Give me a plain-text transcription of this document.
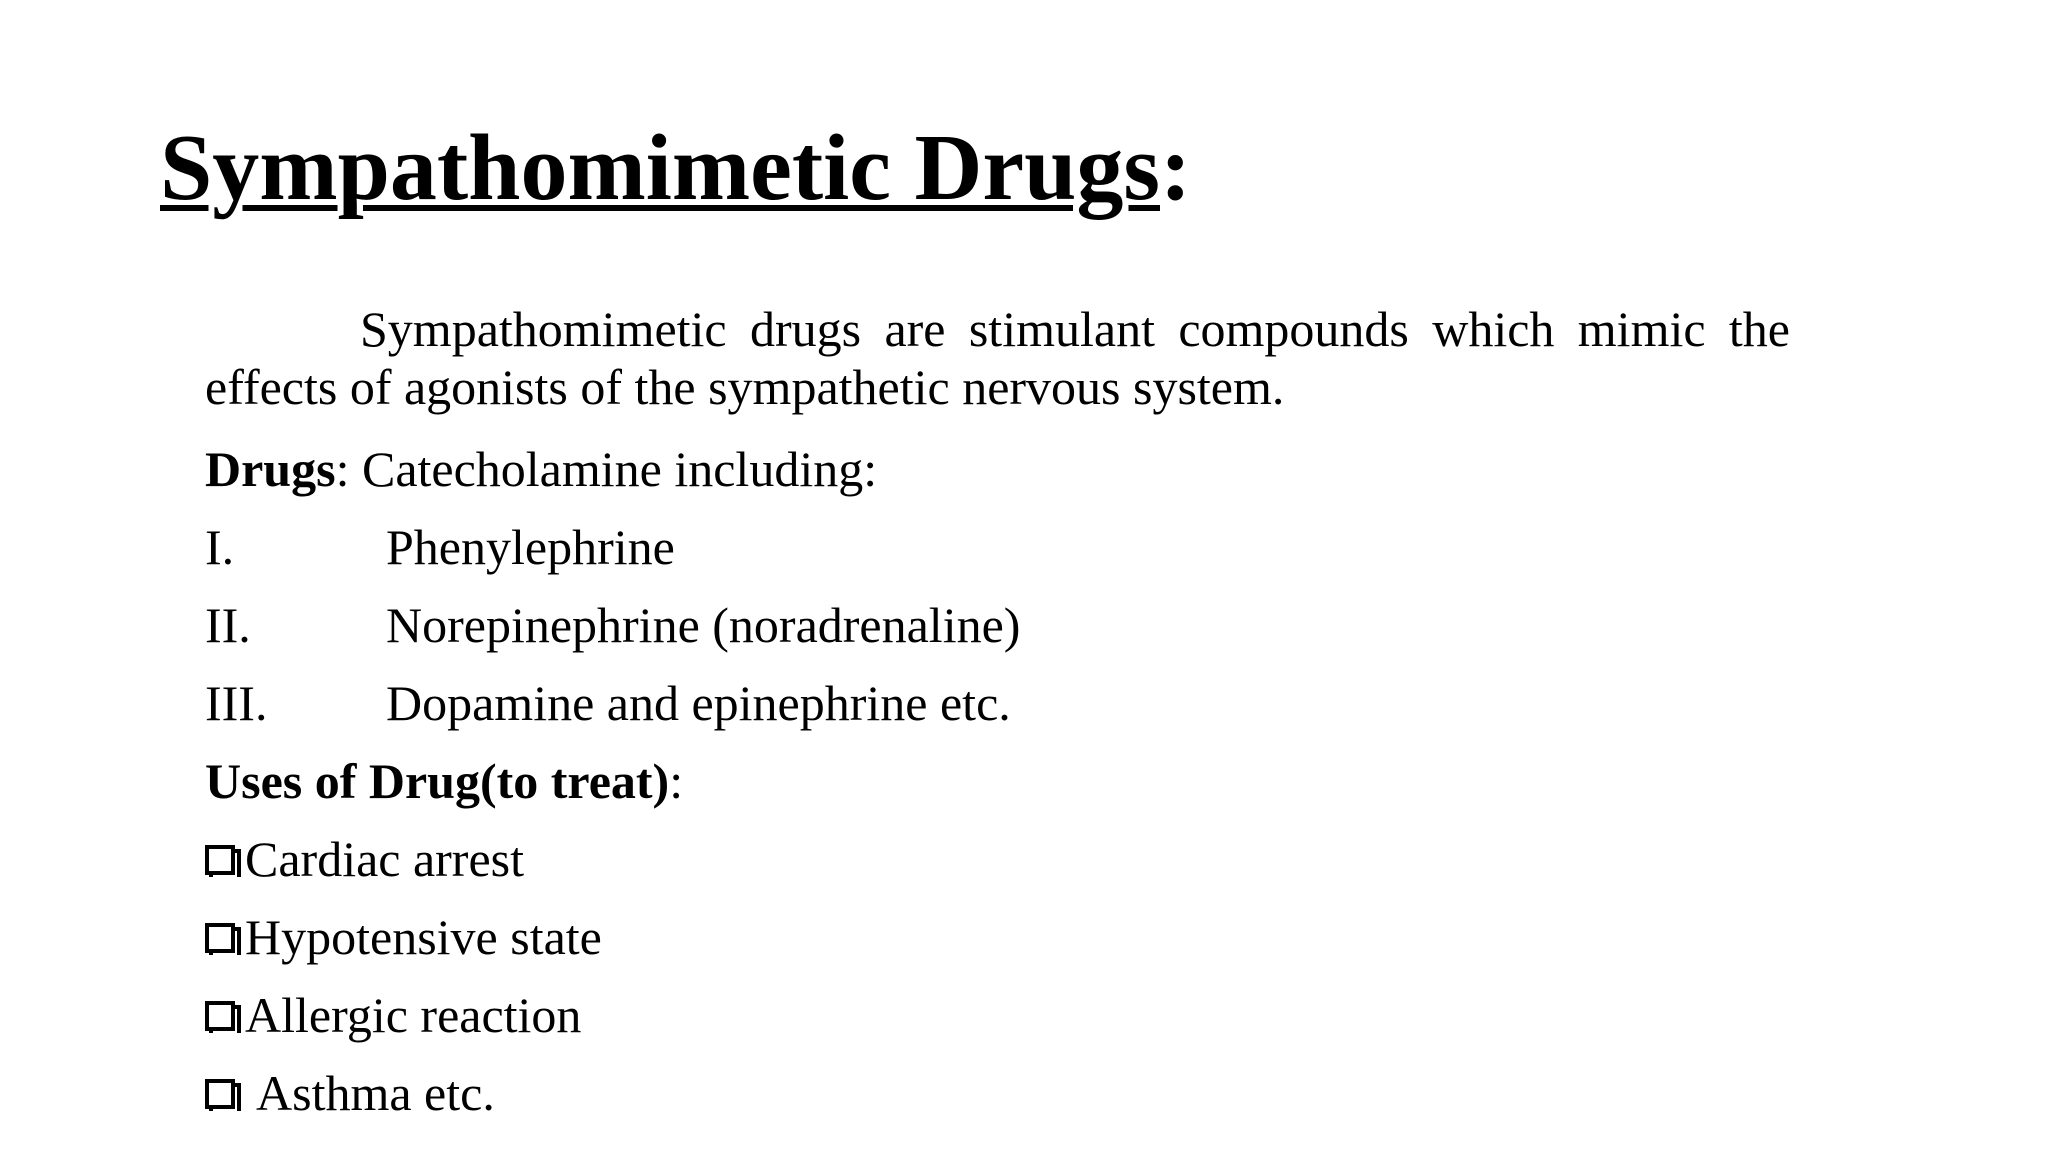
Sympathomimetic Drugs:

Sympathomimetic drugs are stimulant compounds which mimic the effects of agonists of the sympathetic nervous system.

Drugs: Catecholamine including:

I.	Phenylephrine

II.	Norepinephrine (noradrenaline)

III. Dopamine and epinephrine etc.

Uses of Drug(to treat):

Cardiac arrest

Hypotensive state

Allergic reaction

Asthma etc.
